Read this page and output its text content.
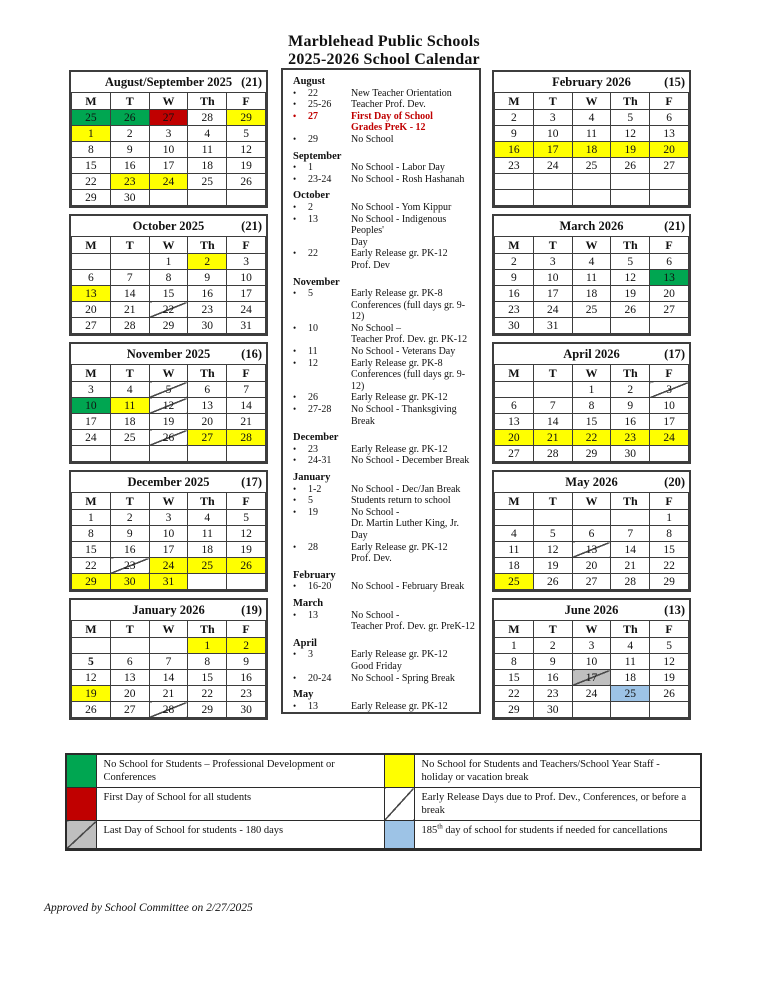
Marblehead Public Schools
2025-2026 School Calendar
August/September 2025 (21)
M	T	W	Th	F
25	26	27	28	29
1	2	3	4	5
8	9	10	11	12
15	16	17	18	19
22	23	24	25	26
29	30			
October 2025	(21)
M	T	W	Th	F
		1	2	3
6	7	8	9	10
13	14	15	16	17
20	21	22	23	24
27	28	29	30	31
November 2025 (16)
M	T	W	Th	F
3	4	5	6	7
10	11	12	13	14
17	18	19	20	21
24	25	26	27	28

December 2025	(17)
M	T	W	Th	F
1	2	3	4	5
8	9	10	11	12
15	16	17	18	19
22	23	24	25	26
29	30	31		
January 2026	(19)
M	T	W	Th	F
			1	2
5	6	7	8	9
12	13	14	15	16
19	20	21	22	23
26	27	28	29	30
August
•	22	New Teacher Orientation
•	25-26	Teacher Prof. Dev.
•	27	First Day of School
Grades PreK - 12
•	29	No School
September
•	1	No School - Labor Day
•	23-24	No School - Rosh Hashanah
October
•	2	No School - Yom Kippur
•	13	No School - Indigenous Peoples'
Day
•	22	Early Release gr. PK-12
Prof. Dev
November
•	5	Early Release gr. PK-8
Conferences (full days gr. 9-12)
•	10	No School –
Teacher Prof. Dev. gr. PK-12
•	11	No School - Veterans Day
•	12	Early Release gr. PK-8
Conferences (full days gr. 9-12)
•	26	Early Release gr. PK-12
•	27-28	No School - Thanksgiving Break
December
•	23	Early Release gr. PK-12
•	24-31	No School - December Break
January
•	1-2	No School - Dec/Jan Break
•	5	Students return to school
•	19	No School -
Dr. Martin Luther King, Jr. Day
•	28	Early Release gr. PK-12
Prof. Dev.
February
•	16-20	No School - February Break
March
•	13	No School -
Teacher Prof. Dev. gr. PreK-12
April
•	3	Early Release gr. PK-12
Good Friday
•	20-24	No School - Spring Break
May
•	13	Early Release gr. PK-12
February 2026	(15)
M	T	W	Th	F
2	3	4	5	6
9	10	11	12	13
16	17	18	19	20
23	24	25	26	27

March 2026	(21)
M	T	W	Th	F
2	3	4	5	6
9	10	11	12	13
16	17	18	19	20
23	24	25	26	27
30	31			
April 2026	(17)
M	T	W	Th	F
		1	2	3
6	7	8	9	10
13	14	15	16	17
20	21	22	23	24
27	28	29	30	
May 2026	(20)
M	T	W	Th	F
				1
4	5	6	7	8
11	12	13	14	15
18	19	20	21	22
25	26	27	28	29
June 2026	(13)
M	T	W	Th	F
1	2	3	4	5
8	9	10	11	12
15	16	17	18	19
22	23	24	25	26
29	30			
	No School for Students – Professional Development or Conferences		No School for Students and Teachers/School Year Staff - holiday or vacation break
	First Day of School for all students		Early Release Days due to Prof. Dev., Conferences, or before a break
	Last Day of School for students - 180 days		185th day of school for students if needed for cancellations
Approved by School Committee on 2/27/2025
